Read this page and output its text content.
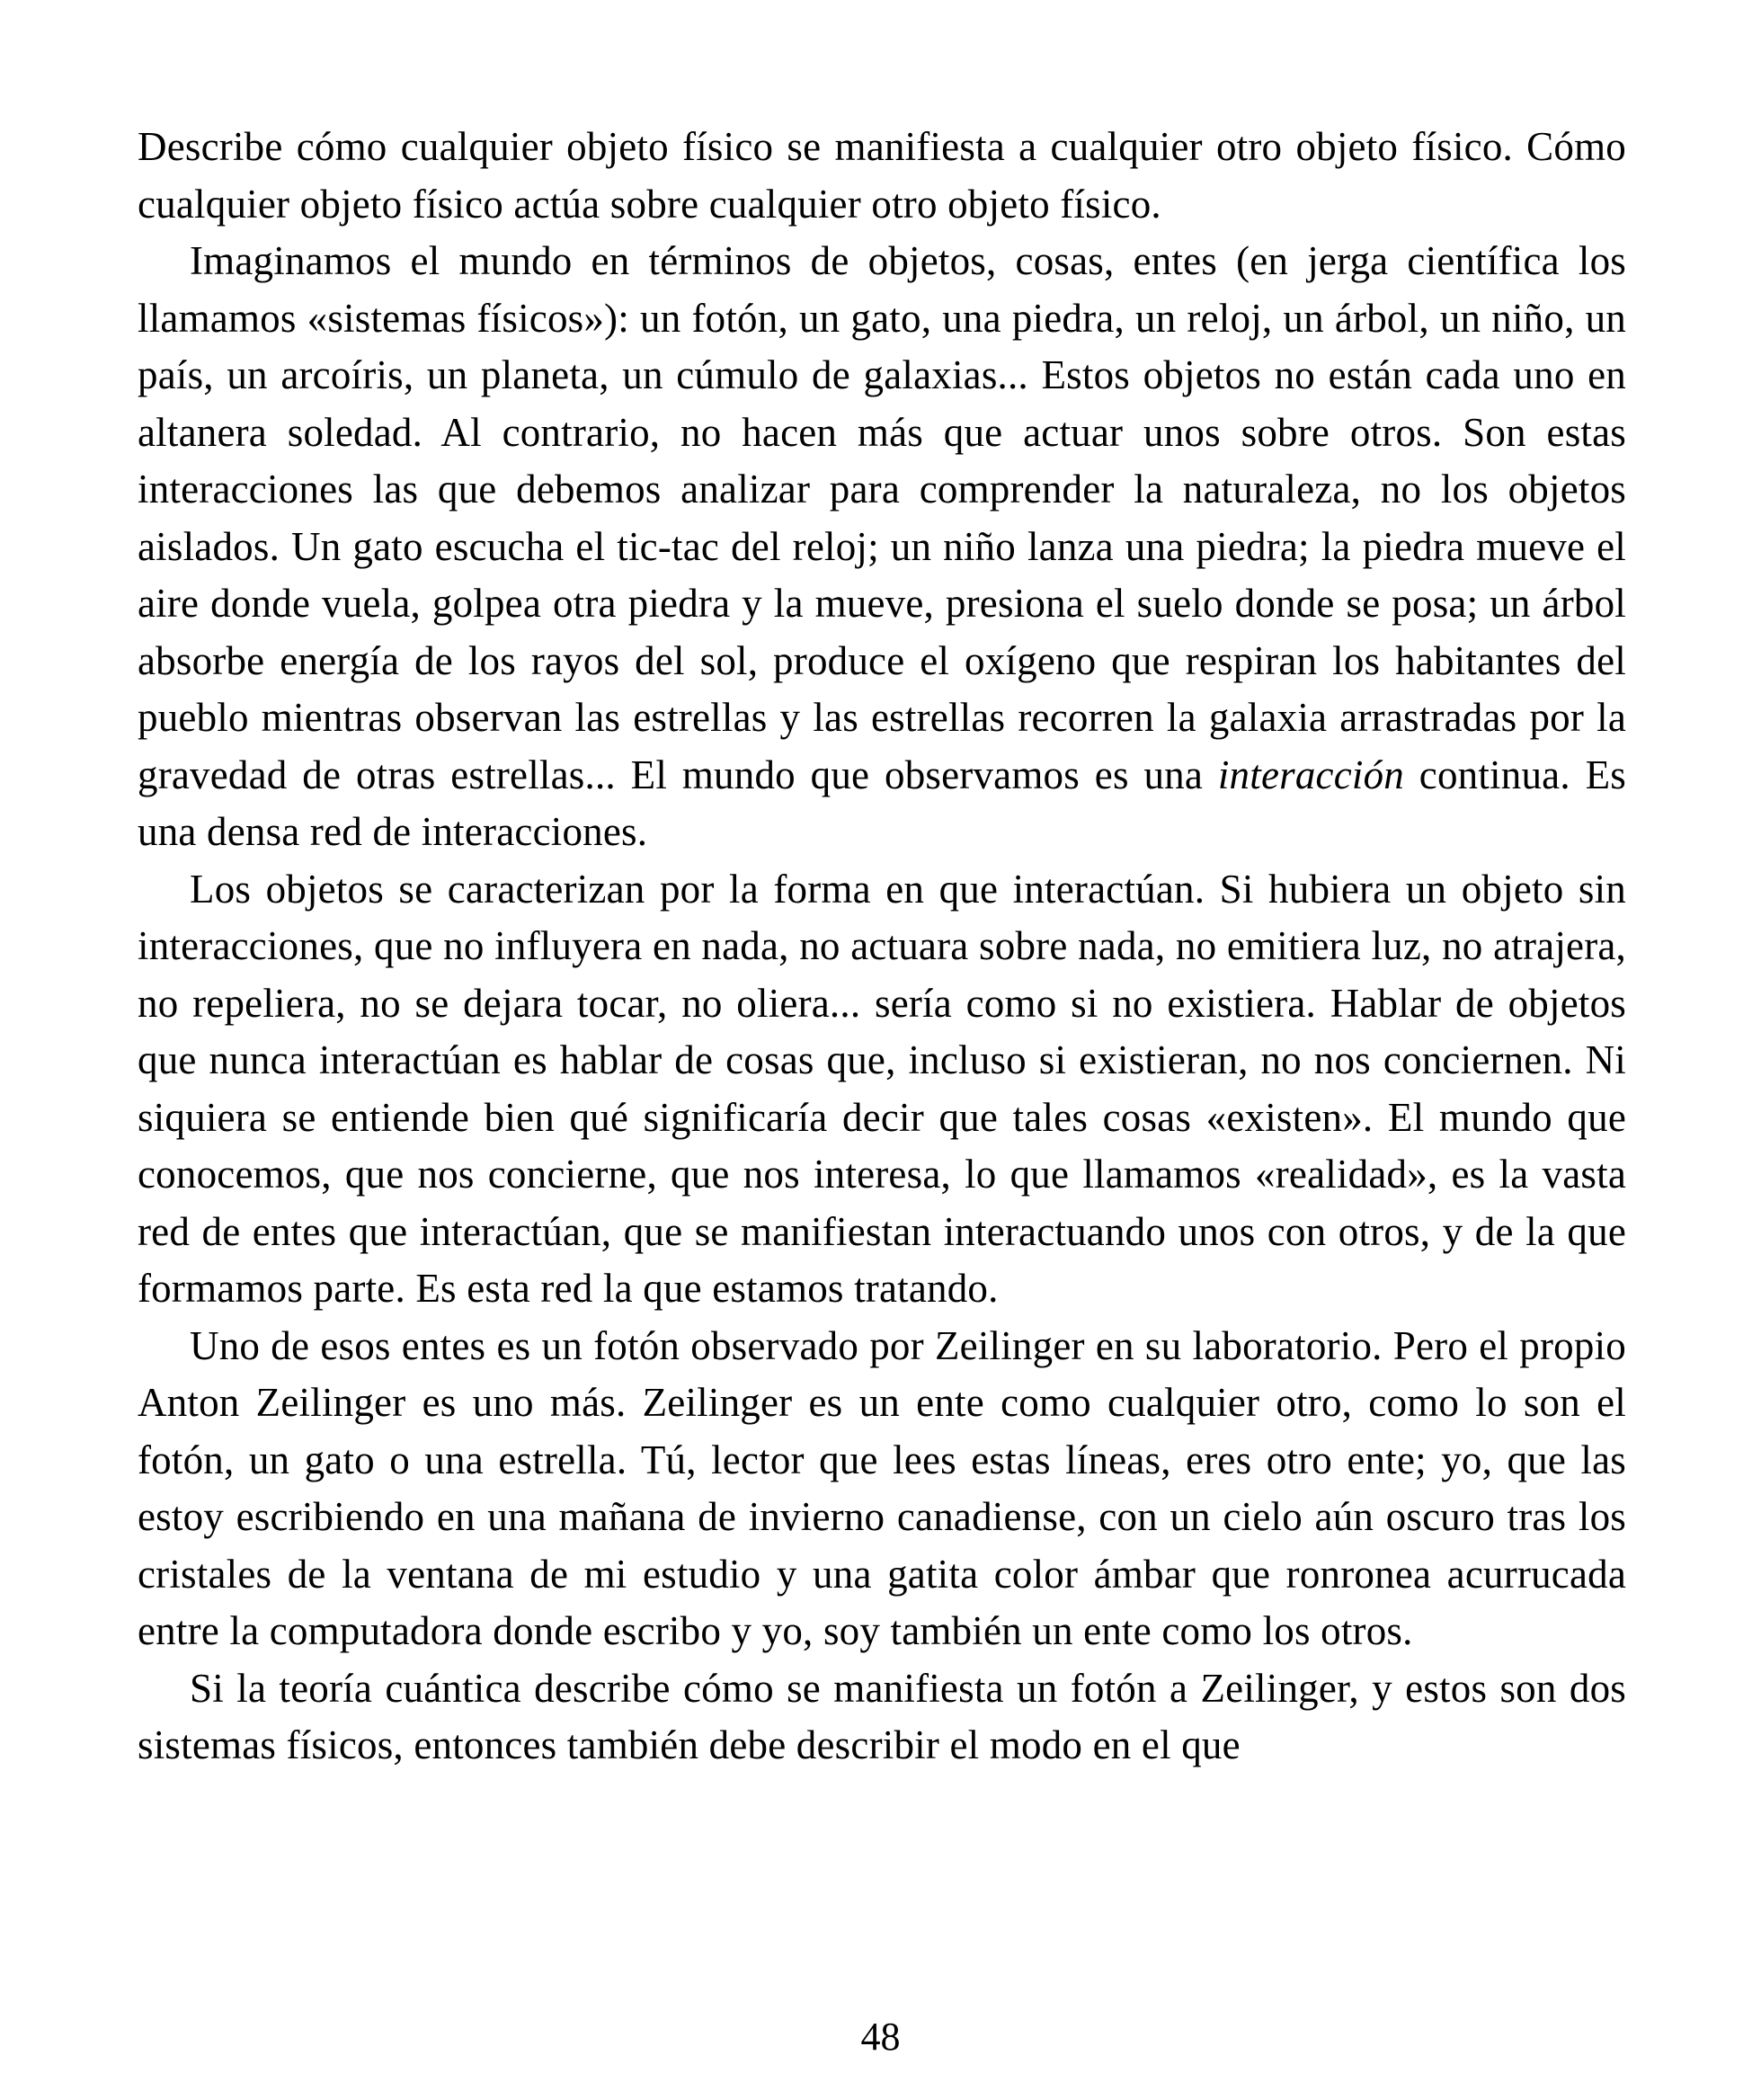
Describe cómo cualquier objeto físico se manifiesta a cualquier otro objeto físico. Cómo cualquier objeto físico actúa sobre cualquier otro objeto físico.

Imaginamos el mundo en términos de objetos, cosas, entes (en jerga científica los llamamos «sistemas físicos»): un fotón, un gato, una piedra, un reloj, un árbol, un niño, un país, un arcoíris, un planeta, un cúmulo de galaxias... Estos objetos no están cada uno en altanera soledad. Al contrario, no hacen más que actuar unos sobre otros. Son estas interacciones las que debemos analizar para comprender la naturaleza, no los objetos aislados. Un gato escucha el tic-tac del reloj; un niño lanza una piedra; la piedra mueve el aire donde vuela, golpea otra piedra y la mueve, presiona el suelo donde se posa; un árbol absorbe energía de los rayos del sol, produce el oxígeno que respiran los habitantes del pueblo mientras observan las estrellas y las estrellas recorren la galaxia arrastradas por la gravedad de otras estrellas... El mundo que observamos es una interacción continua. Es una densa red de interacciones.

Los objetos se caracterizan por la forma en que interactúan. Si hubiera un objeto sin interacciones, que no influyera en nada, no actuara sobre nada, no emitiera luz, no atrajera, no repeliera, no se dejara tocar, no oliera... sería como si no existiera. Hablar de objetos que nunca interactúan es hablar de cosas que, incluso si existieran, no nos conciernen. Ni siquiera se entiende bien qué significaría decir que tales cosas «existen». El mundo que conocemos, que nos concierne, que nos interesa, lo que llamamos «realidad», es la vasta red de entes que interactúan, que se manifiestan interactuando unos con otros, y de la que formamos parte. Es esta red la que estamos tratando.

Uno de esos entes es un fotón observado por Zeilinger en su laboratorio. Pero el propio Anton Zeilinger es uno más. Zeilinger es un ente como cualquier otro, como lo son el fotón, un gato o una estrella. Tú, lector que lees estas líneas, eres otro ente; yo, que las estoy escribiendo en una mañana de invierno canadiense, con un cielo aún oscuro tras los cristales de la ventana de mi estudio y una gatita color ámbar que ronronea acurrucada entre la computadora donde escribo y yo, soy también un ente como los otros.

Si la teoría cuántica describe cómo se manifiesta un fotón a Zeilinger, y estos son dos sistemas físicos, entonces también debe describir el modo en el que

48
